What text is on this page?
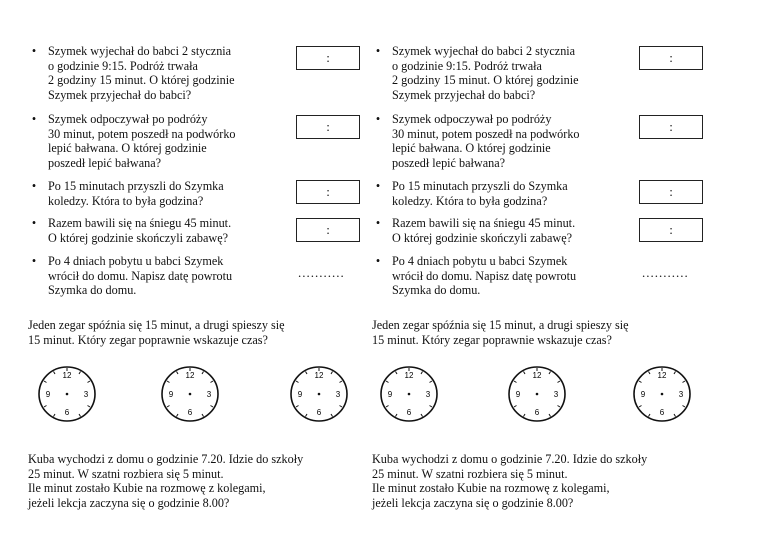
• Szymek wyjechał do babci 2 stycznia
o godzinie 9:15. Podróż trwała
2 godziny 15 minut. O której godzinie
Szymek przyjechał do babci?
:
• Szymek odpoczywał po podróży
30 minut, potem poszedł na podwórko
lepić bałwana. O której godzinie
poszedł lepić bałwana?
:
• Po 15 minutach przyszli do Szymka
koledzy. Która to była godzina?
:
• Razem bawili się na śniegu 45 minut.
O której godzinie skończyli zabawę?
:
• Po 4 dniach pobytu u babci Szymek
wrócił do domu. Napisz datę powrotu
Szymka do domu.
...........
Jeden zegar spóźnia się 15 minut, a drugi spieszy się
15 minut. Który zegar poprawnie wskazuje czas?
12
3
6
9
12
3
6
9
12
3
6
9
Kuba wychodzi z domu o godzinie 7.20. Idzie do szkoły
25 minut. W szatni rozbiera się 5 minut.
Ile minut zostało Kubie na rozmowę z kolegami,
jeżeli lekcja zaczyna się o godzinie 8.00?
• Szymek wyjechał do babci 2 stycznia
o godzinie 9:15. Podróż trwała
2 godziny 15 minut. O której godzinie
Szymek przyjechał do babci?
:
• Szymek odpoczywał po podróży
30 minut, potem poszedł na podwórko
lepić bałwana. O której godzinie
poszedł lepić bałwana?
:
• Po 15 minutach przyszli do Szymka
koledzy. Która to była godzina?
:
• Razem bawili się na śniegu 45 minut.
O której godzinie skończyli zabawę?
:
• Po 4 dniach pobytu u babci Szymek
wrócił do domu. Napisz datę powrotu
Szymka do domu.
...........
Jeden zegar spóźnia się 15 minut, a drugi spieszy się
15 minut. Który zegar poprawnie wskazuje czas?
12
3
6
9
12
3
6
9
12
3
6
9
Kuba wychodzi z domu o godzinie 7.20. Idzie do szkoły
25 minut. W szatni rozbiera się 5 minut.
Ile minut zostało Kubie na rozmowę z kolegami,
jeżeli lekcja zaczyna się o godzinie 8.00?
